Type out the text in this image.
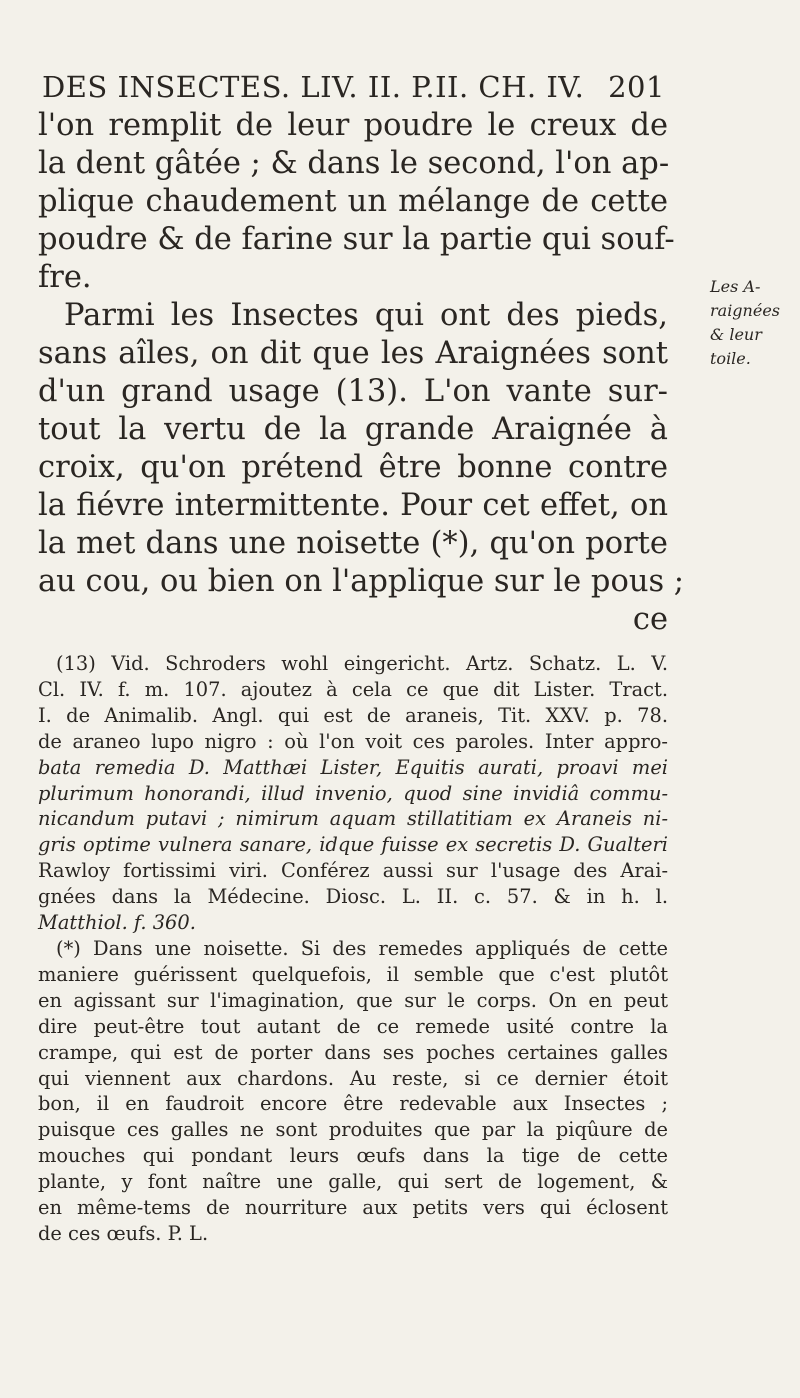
DES INSECTES. LIV. II. P.II. CH. IV. 201
l'on remplit de leur poudre le creux de
la dent gâtée ; & dans le second, l'on ap-
plique chaudement un mélange de cette
poudre & de farine sur la partie qui souf-
fre.
Parmi les Insectes qui ont des pieds,
sans aîles, on dit que les Araignées sont
d'un grand usage (13). L'on vante sur-
tout la vertu de la grande Araignée à
croix, qu'on prétend être bonne contre
la fiévre intermittente. Pour cet effet, on
la met dans une noisette (*), qu'on porte
au cou, ou bien on l'applique sur le pous ;
ce
Les A-
raignées
& leur
toile.
(13) Vid. Schroders wohl eingericht. Artz. Schatz. L. V.
Cl. IV. f. m. 107. ajoutez à cela ce que dit Lister. Tract.
I. de Animalib. Angl. qui est de araneis, Tit. XXV. p. 78.
de araneo lupo nigro : où l'on voit ces paroles. Inter appro-
bata remedia D. Matthæi Lister, Equitis aurati, proavi mei
plurimum honorandi, illud invenio, quod sine invidiâ commu-
nicandum putavi ; nimirum aquam stillatitiam ex Araneis ni-
gris optime vulnera sanare, idque fuisse ex secretis D. Gualteri
Rawloy fortissimi viri. Conférez aussi sur l'usage des Arai-
gnées dans la Médecine. Diosc. L. II. c. 57. & in h. l.
Matthiol. f. 360.
(*) Dans une noisette. Si des remedes appliqués de cette
maniere guérissent quelquefois, il semble que c'est plutôt
en agissant sur l'imagination, que sur le corps. On en peut
dire peut-être tout autant de ce remede usité contre la
crampe, qui est de porter dans ses poches certaines galles
qui viennent aux chardons. Au reste, si ce dernier étoit
bon, il en faudroit encore être redevable aux Insectes ;
puisque ces galles ne sont produites que par la piqûure de
mouches qui pondant leurs œufs dans la tige de cette
plante, y font naître une galle, qui sert de logement, &
en même-tems de nourriture aux petits vers qui éclosent
de ces œufs. P. L.
